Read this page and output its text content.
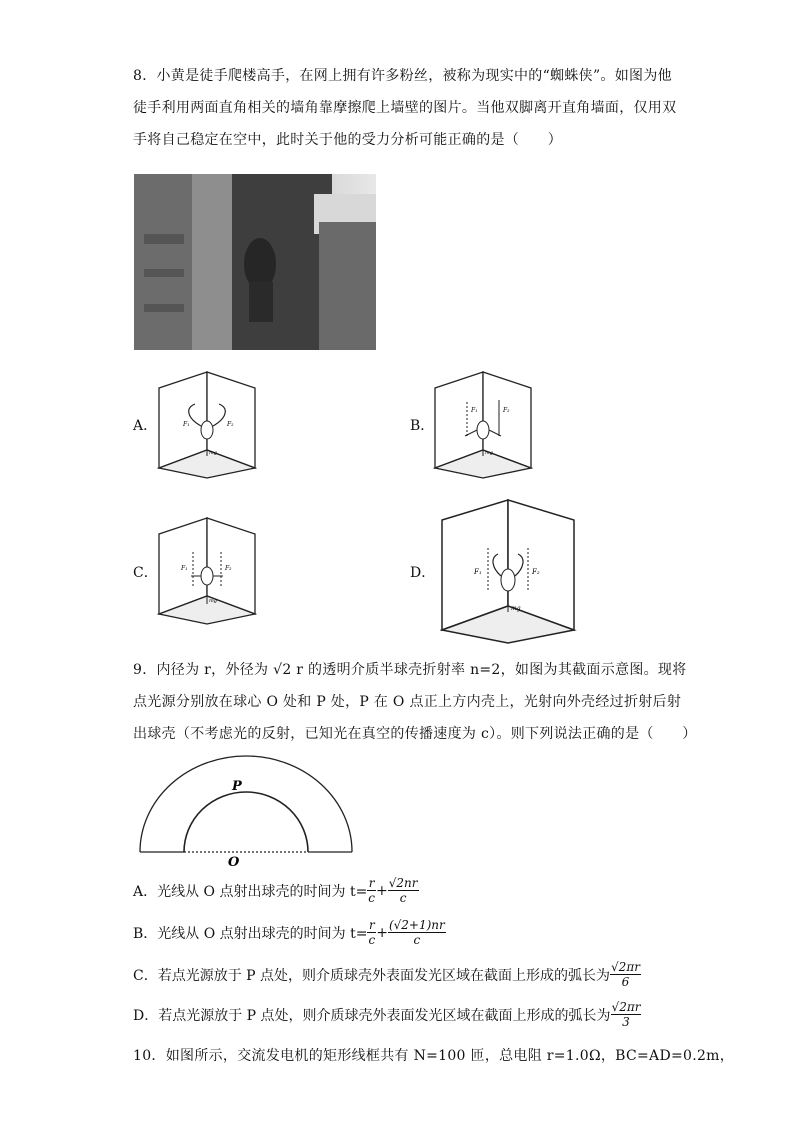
8．小黄是徒手爬楼高手，在网上拥有许多粉丝，被称为现实中的“蜘蛛侠”。如图为他
徒手利用两面直角相关的墙角靠摩擦爬上墙壁的图片。当他双脚离开直角墙面，仅用双
手将自己稳定在空中，此时关于他的受力分析可能正确的是（　　）
A．	F₁	F₂
mg
B．
F₁	F₂
mg
C．	F₁	F₂
mg
D．	F₁	F₂
mg
9．内径为 r，外径为 √2 r 的透明介质半球壳折射率 n=2，如图为其截面示意图。现将
点光源分别放在球心 O 处和 P 处，P 在 O 点正上方内壳上，光射向外壳经过折射后射
出球壳（不考虑光的反射，已知光在真空的传播速度为 c）。则下列说法正确的是（　　）
P
O
A．光线从 O 点射出球壳的时间为 $t= \frac{r}{c} + \frac{√2nr}{c}$
B．光线从 O 点射出球壳的时间为 $t= \frac{r}{c} + \frac{(√2+1)nr}{c}$
C．若点光源放于 P 点处，则介质球壳外表面发光区域在截面上形成的弧长为 $\frac{√2\pi r}{6}$
D．若点光源放于 P 点处，则介质球壳外表面发光区域在截面上形成的弧长为 $\frac{√2\pi r}{3}$
10．如图所示，交流发电机的矩形线框共有 N=100 匝，总电阻 r=1.0Ω，BC=AD=0.2m，
